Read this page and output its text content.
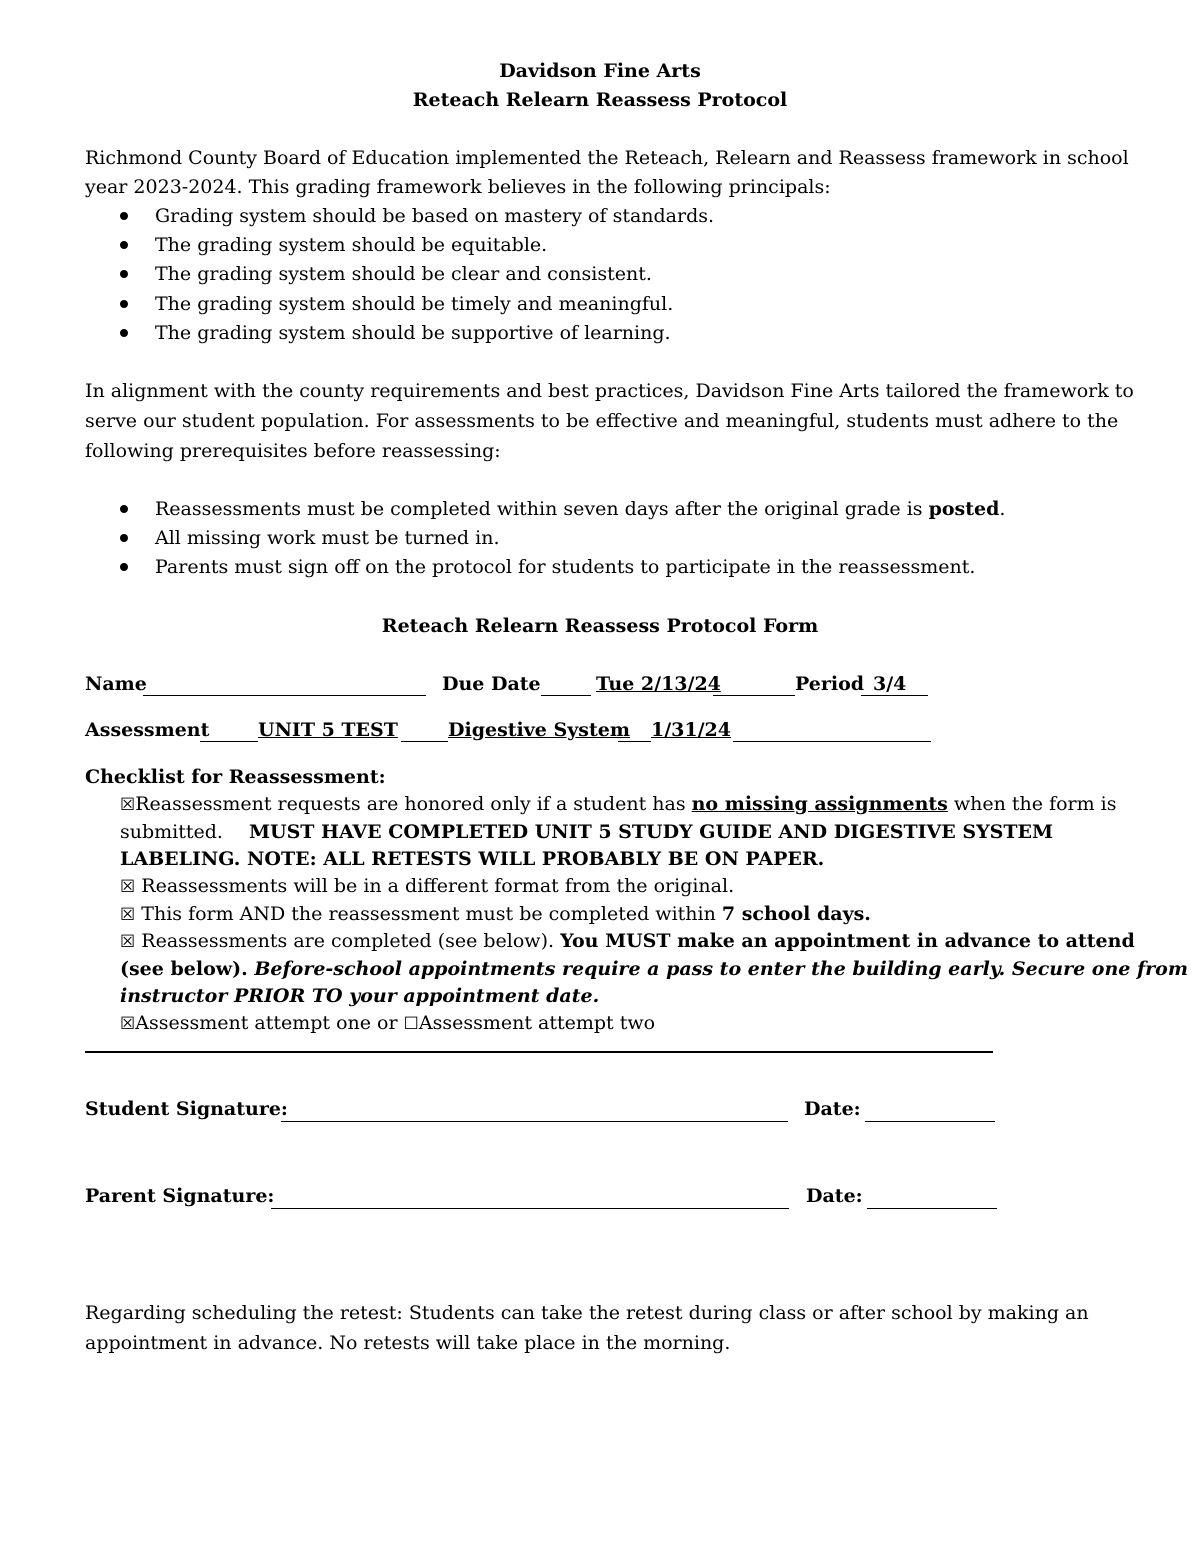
Davidson Fine Arts
Reteach Relearn Reassess Protocol
Richmond County Board of Education implemented the Reteach, Relearn and Reassess framework in school
year 2023-2024. This grading framework believes in the following principals:
Grading system should be based on mastery of standards.
The grading system should be equitable.
The grading system should be clear and consistent.
The grading system should be timely and meaningful.
The grading system should be supportive of learning.
In alignment with the county requirements and best practices, Davidson Fine Arts tailored the framework to
serve our student population. For assessments to be effective and meaningful, students must adhere to the
following prerequisites before reassessing:
Reassessments must be completed within seven days after the original grade is posted.
All missing work must be turned in.
Parents must sign off on the protocol for students to participate in the reassessment.
Reteach Relearn Reassess Protocol Form
Name	Due Date	Tue 2/13/24	Period 3/4
Assessment	UNIT 5 TEST	Digestive System 1/31/24
Checklist for Reassessment:
☒Reassessment requests are honored only if a student has no missing assignments when the form is
submitted. MUST HAVE COMPLETED UNIT 5 STUDY GUIDE AND DIGESTIVE SYSTEM
LABELING. NOTE: ALL RETESTS WILL PROBABLY BE ON PAPER.
☒ Reassessments will be in a different format from the original.
☒ This form AND the reassessment must be completed within 7 school days.
☒ Reassessments are completed (see below). You MUST make an appointment in advance to attend
(see below). Before-school appointments require a pass to enter the building early. Secure one from
instructor PRIOR TO your appointment date.
☒Assessment attempt one or ☐Assessment attempt two
Student Signature:	Date:
Parent Signature:	Date:
Regarding scheduling the retest: Students can take the retest during class or after school by making an
appointment in advance. No retests will take place in the morning.
